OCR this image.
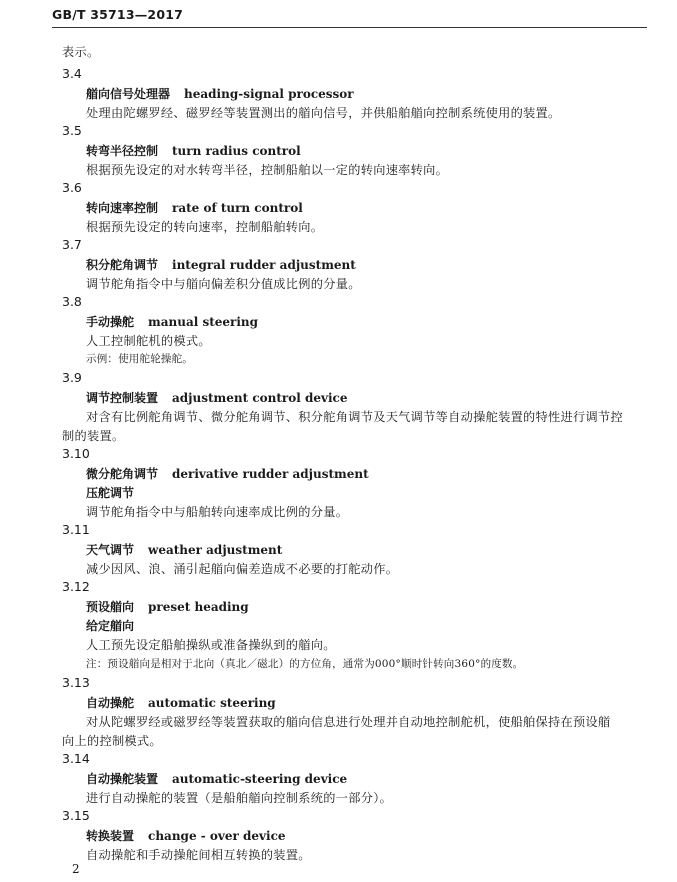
GB/T 35713—2017
表示。
3.4
艏向信号处理器 heading-signal processor
处理由陀螺罗经、磁罗经等装置测出的艏向信号，并供船舶艏向控制系统使用的装置。
3.5
转弯半径控制 turn radius control
根据预先设定的对水转弯半径，控制船舶以一定的转向速率转向。
3.6
转向速率控制 rate of turn control
根据预先设定的转向速率，控制船舶转向。
3.7
积分舵角调节 integral rudder adjustment
调节舵角指令中与艏向偏差积分值成比例的分量。
3.8
手动操舵 manual steering
人工控制舵机的模式。
示例：使用舵轮操舵。
3.9
调节控制装置 adjustment control device
对含有比例舵角调节、微分舵角调节、积分舵角调节及天气调节等自动操舵装置的特性进行调节控
制的装置。
3.10
微分舵角调节 derivative rudder adjustment
压舵调节
调节舵角指令中与船舶转向速率成比例的分量。
3.11
天气调节 weather adjustment
减少因风、浪、涌引起艏向偏差造成不必要的打舵动作。
3.12
预设艏向 preset heading
给定艏向
人工预先设定船舶操纵或准备操纵到的艏向。
注：预设艏向是相对于北向（真北／磁北）的方位角，通常为000°顺时针转向360°的度数。
3.13
自动操舵 automatic steering
对从陀螺罗经或磁罗经等装置获取的艏向信息进行处理并自动地控制舵机，使船舶保持在预设艏
向上的控制模式。
3.14
自动操舵装置 automatic-steering device
进行自动操舵的装置（是船舶艏向控制系统的一部分）。
3.15
转换装置 change - over device
自动操舵和手动操舵间相互转换的装置。
2
